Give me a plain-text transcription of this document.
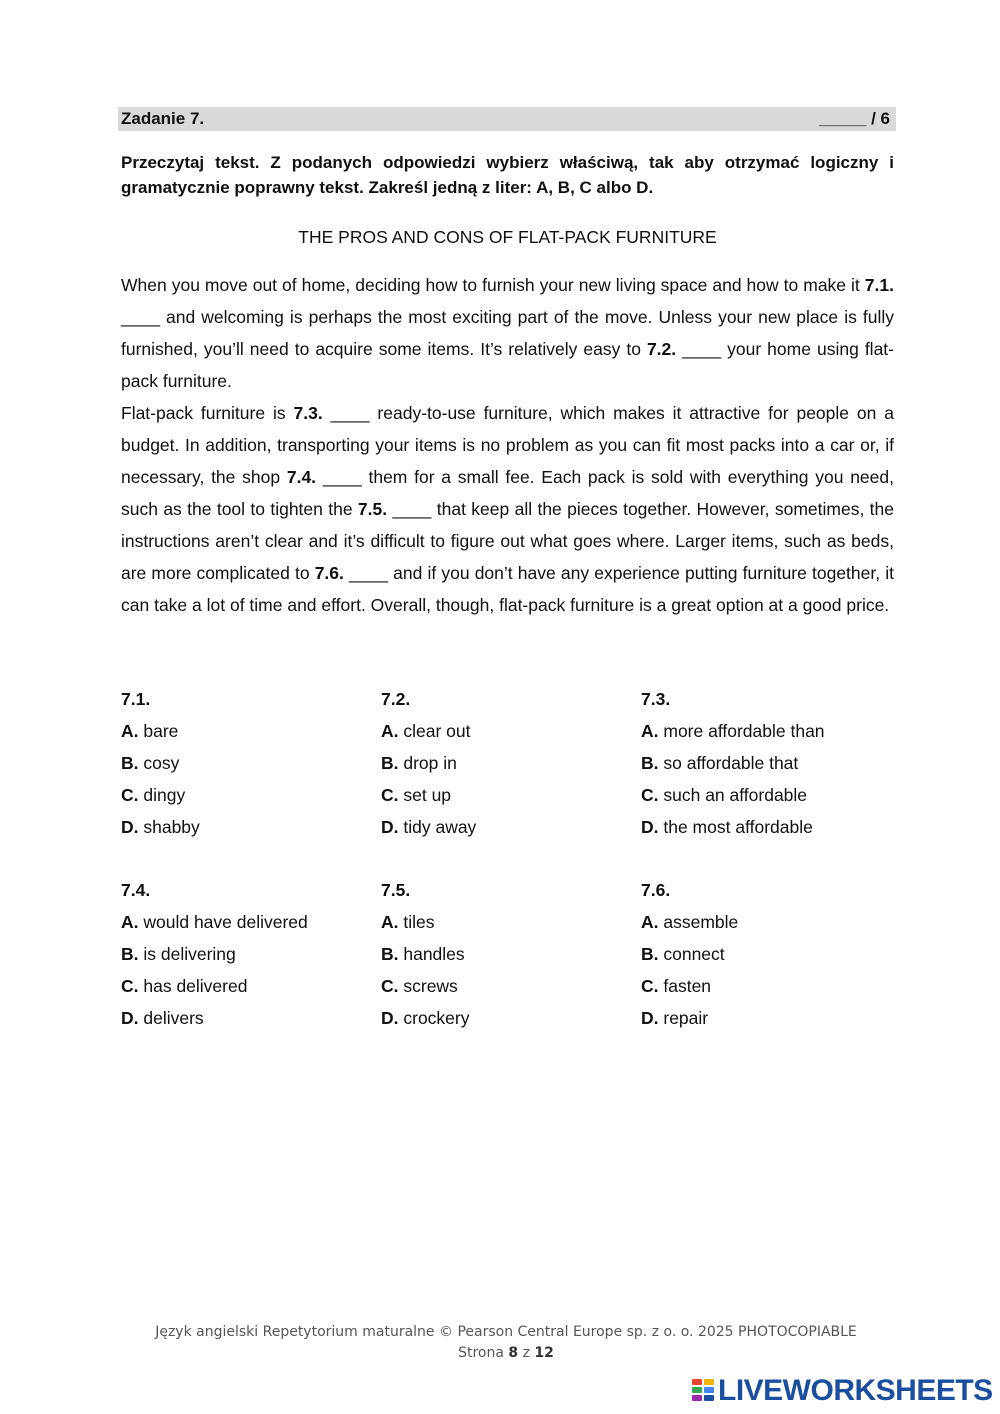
Zadanie 7.	_____ / 6
Przeczytaj tekst. Z podanych odpowiedzi wybierz właściwą, tak aby otrzymać logiczny i gramatycznie poprawny tekst. Zakreśl jedną z liter: A, B, C albo D.
THE PROS AND CONS OF FLAT-PACK FURNITURE

When you move out of home, deciding how to furnish your new living space and how to make it 7.1. ____ and welcoming is perhaps the most exciting part of the move. Unless your new place is fully furnished, you’ll need to acquire some items. It’s relatively easy to 7.2. ____ your home using flat-pack furniture.

Flat-pack furniture is 7.3. ____ ready-to-use furniture, which makes it attractive for people on a budget. In addition, transporting your items is no problem as you can fit most packs into a car or, if necessary, the shop 7.4. ____ them for a small fee. Each pack is sold with everything you need, such as the tool to tighten the 7.5. ____ that keep all the pieces together. However, sometimes, the instructions aren’t clear and it’s difficult to figure out what goes where. Larger items, such as beds, are more complicated to 7.6. ____ and if you don’t have any experience putting furniture together, it can take a lot of time and effort. Overall, though, flat-pack furniture is a great option at a good price.

7.1.
A. bare
B. cosy
C. dingy
D. shabby
7.2.
A. clear out
B. drop in
C. set up
D. tidy away
7.3.
A. more affordable than
B. so affordable that
C. such an affordable
D. the most affordable
7.4.
A. would have delivered
B. is delivering
C. has delivered
D. delivers
7.5.
A. tiles
B. handles
C. screws
D. crockery
7.6.
A. assemble
B. connect
C. fasten
D. repair
Język angielski Repetytorium maturalne © Pearson Central Europe sp. z o. o. 2025 PHOTOCOPIABLE
Strona 8 z 12
LIVEWORKSHEETS
